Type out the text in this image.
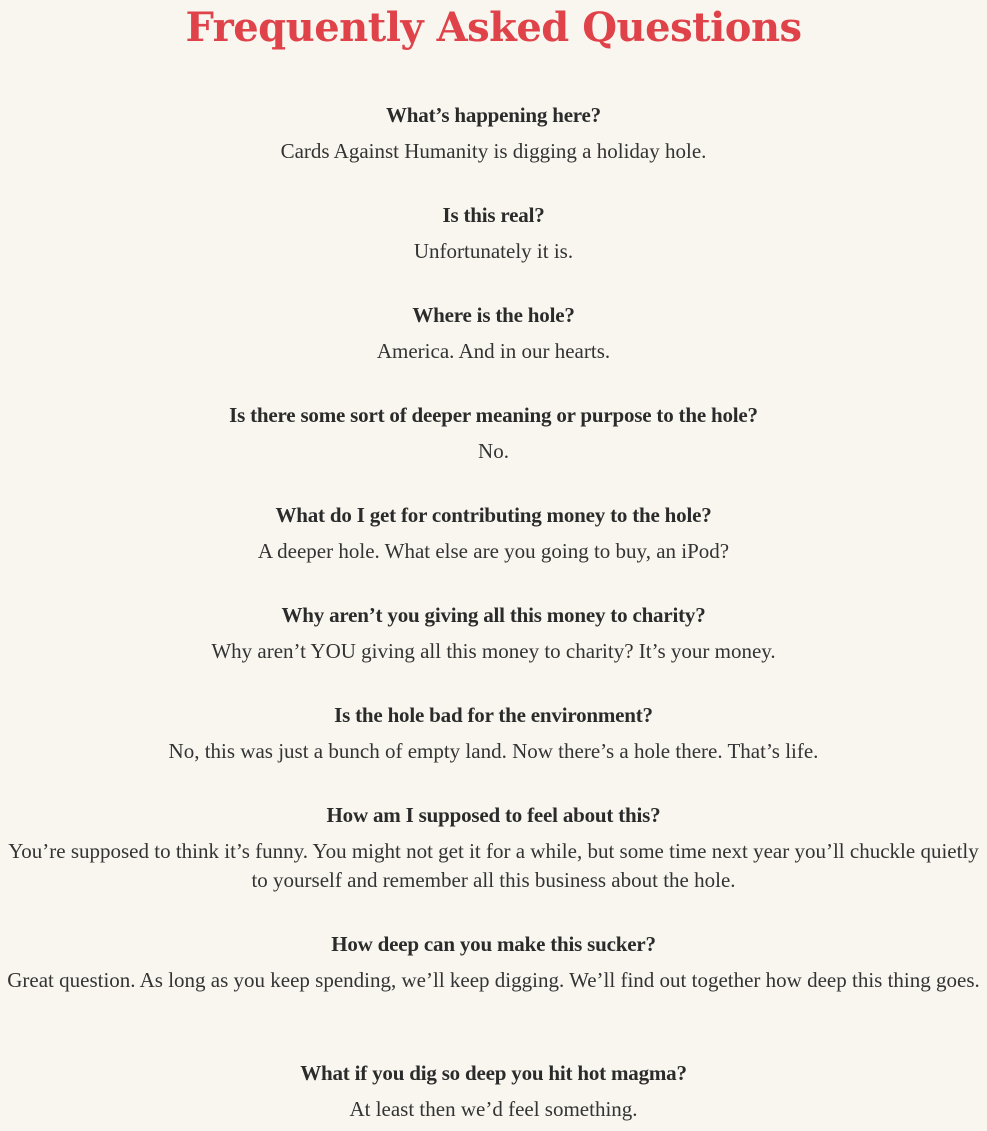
Frequently Asked Questions
What’s happening here?
Cards Against Humanity is digging a holiday hole.
Is this real?
Unfortunately it is.
Where is the hole?
America. And in our hearts.
Is there some sort of deeper meaning or purpose to the hole?
No.
What do I get for contributing money to the hole?
A deeper hole. What else are you going to buy, an iPod?
Why aren’t you giving all this money to charity?
Why aren’t YOU giving all this money to charity? It’s your money.
Is the hole bad for the environment?
No, this was just a bunch of empty land. Now there’s a hole there. That’s life.
How am I supposed to feel about this?
You’re supposed to think it’s funny. You might not get it for a while, but some time next year you’ll chuckle quietly to yourself and remember all this business about the hole.
How deep can you make this sucker?
Great question. As long as you keep spending, we’ll keep digging. We’ll find out together how deep this thing goes.
What if you dig so deep you hit hot magma?
At least then we’d feel something.
